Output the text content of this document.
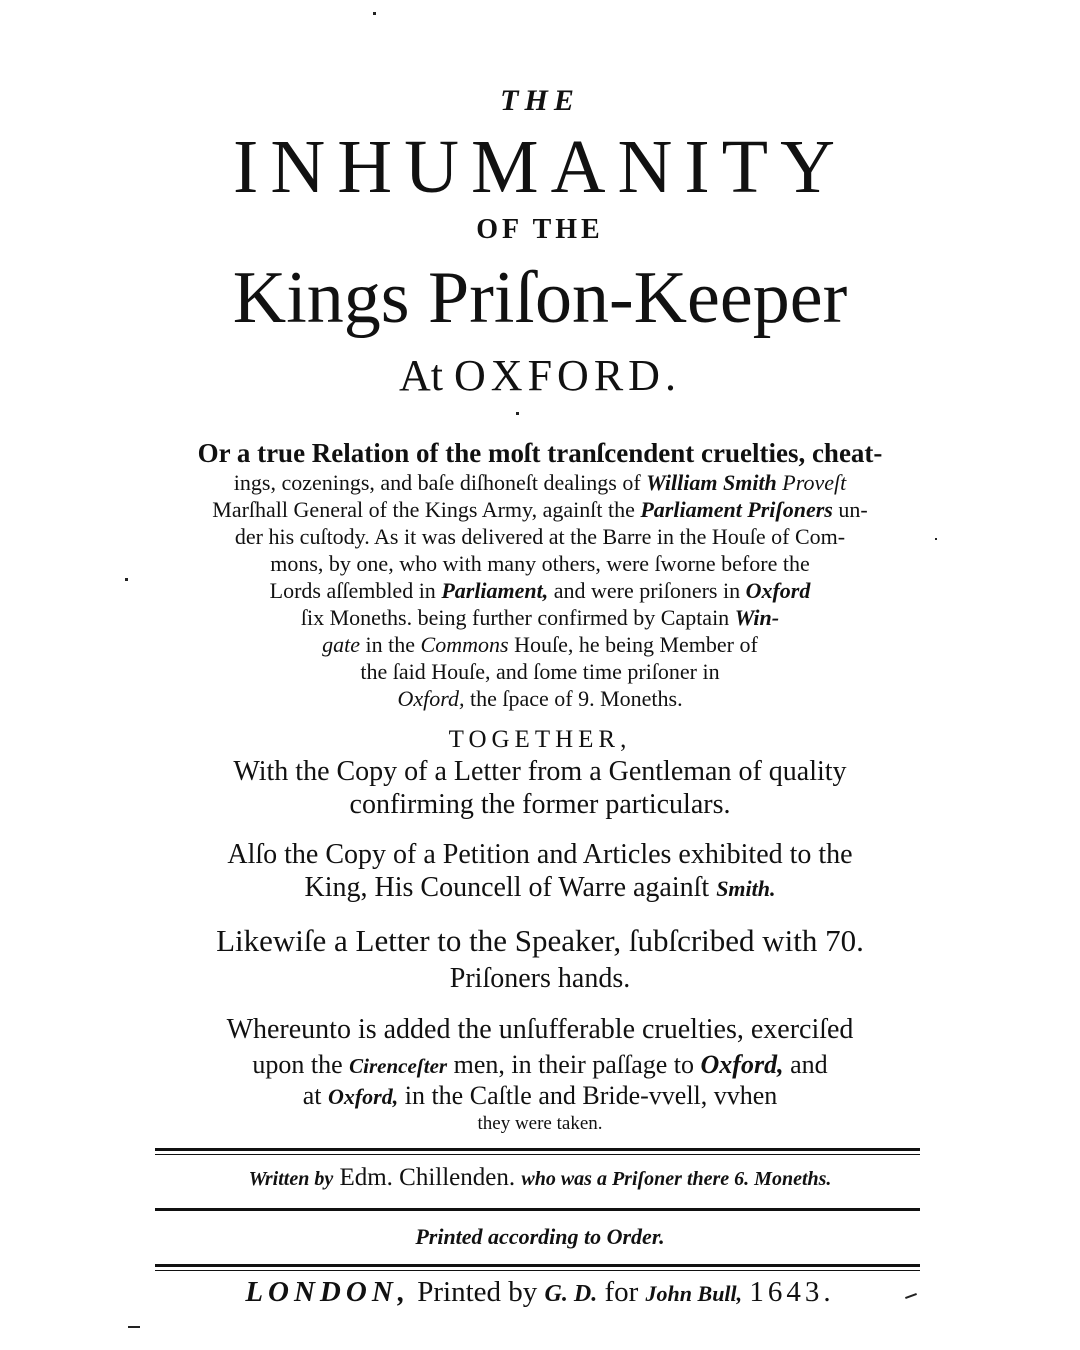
THE
INHUMANITY
OF THE
Kings Priſon-Keeper
At OXFORD.
Or a true Relation of the moſt tranſcendent cruelties, cheat-
ings, cozenings, and baſe diſhoneſt dealings of William Smith Proveſt
Marſhall General of the Kings Army, againſt the Parliament Priſoners un-
der his cuſtody. As it was delivered at the Barre in the Houſe of Com-
mons, by one, who with many others, were ſworne before the
Lords aſſembled in Parliament, and were priſoners in Oxford
ſix Moneths. being further confirmed by Captain Win-
gate in the Commons Houſe, he being Member of
the ſaid Houſe, and ſome time priſoner in
Oxford, the ſpace of 9. Moneths.
TOGETHER,
With the Copy of a Letter from a Gentleman of quality
confirming the former particulars.
Alſo the Copy of a Petition and Articles exhibited to the
King, His Councell of Warre againſt Smith.
Likewiſe a Letter to the Speaker, ſubſcribed with 70.
Priſoners hands.
Whereunto is added the unſufferable cruelties, exerciſed
upon the Cirenceſter men, in their paſſage to Oxford, and
at Oxford, in the Caſtle and Bride-vvell, vvhen
they were taken.
Written by Edm. Chillenden. who was a Priſoner there 6. Moneths.
Printed according to Order.
LONDON, Printed by G. D. for John Bull, 1643.
